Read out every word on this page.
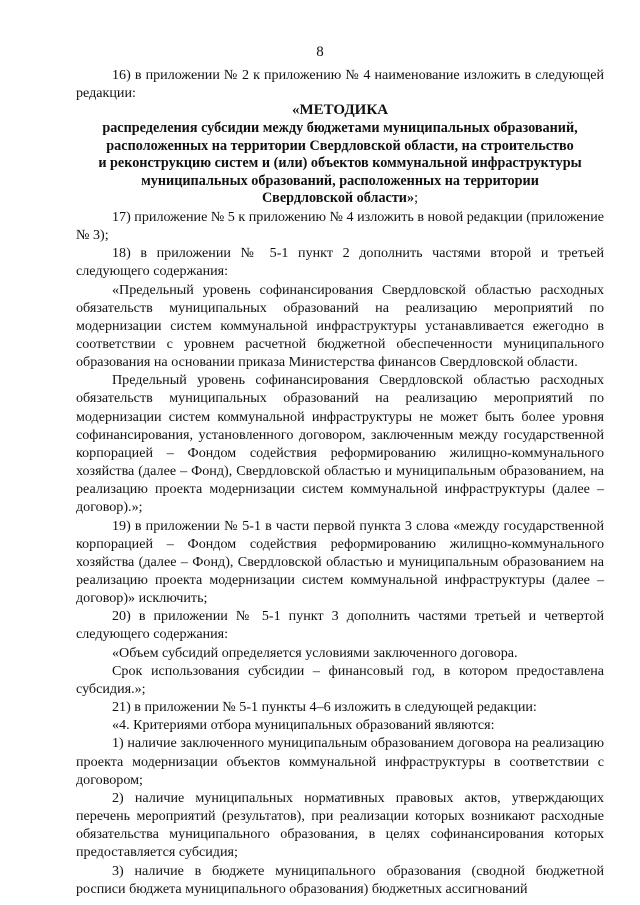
8

16) в приложении № 2 к приложению № 4 наименование изложить в следующей редакции:

«МЕТОДИКА
распределения субсидии между бюджетами муниципальных образований,
расположенных на территории Свердловской области, на строительство
и реконструкцию систем и (или) объектов коммунальной инфраструктуры
муниципальных образований, расположенных на территории
Свердловской области»;

17) приложение № 5 к приложению № 4 изложить в новой редакции (приложение № 3);

18) в приложении № 5-1 пункт 2 дополнить частями второй и третьей следующего содержания:

«Предельный уровень софинансирования Свердловской областью расходных обязательств муниципальных образований на реализацию мероприятий по модернизации систем коммунальной инфраструктуры устанавливается ежегодно в соответствии с уровнем расчетной бюджетной обеспеченности муниципального образования на основании приказа Министерства финансов Свердловской области.

Предельный уровень софинансирования Свердловской областью расходных обязательств муниципальных образований на реализацию мероприятий по модернизации систем коммунальной инфраструктуры не может быть более уровня софинансирования, установленного договором, заключенным между государственной корпорацией – Фондом содействия реформированию жилищно-коммунального хозяйства (далее – Фонд), Свердловской областью и муниципальным образованием, на реализацию проекта модернизации систем коммунальной инфраструктуры (далее – договор).»;

19) в приложении № 5-1 в части первой пункта 3 слова «между государственной корпорацией – Фондом содействия реформированию жилищно-коммунального хозяйства (далее – Фонд), Свердловской областью и муниципальным образованием на реализацию проекта модернизации систем коммунальной инфраструктуры (далее – договор)» исключить;

20) в приложении № 5-1 пункт 3 дополнить частями третьей и четвертой следующего содержания:

«Объем субсидий определяется условиями заключенного договора.

Срок использования субсидии – финансовый год, в котором предоставлена субсидия.»;

21) в приложении № 5-1 пункты 4–6 изложить в следующей редакции:

«4. Критериями отбора муниципальных образований являются:

1) наличие заключенного муниципальным образованием договора на реализацию проекта модернизации объектов коммунальной инфраструктуры в соответствии с договором;

2) наличие муниципальных нормативных правовых актов, утверждающих перечень мероприятий (результатов), при реализации которых возникают расходные обязательства муниципального образования, в целях софинансирования которых предоставляется субсидия;

3) наличие в бюджете муниципального образования (сводной бюджетной росписи бюджета муниципального образования) бюджетных ассигнований
